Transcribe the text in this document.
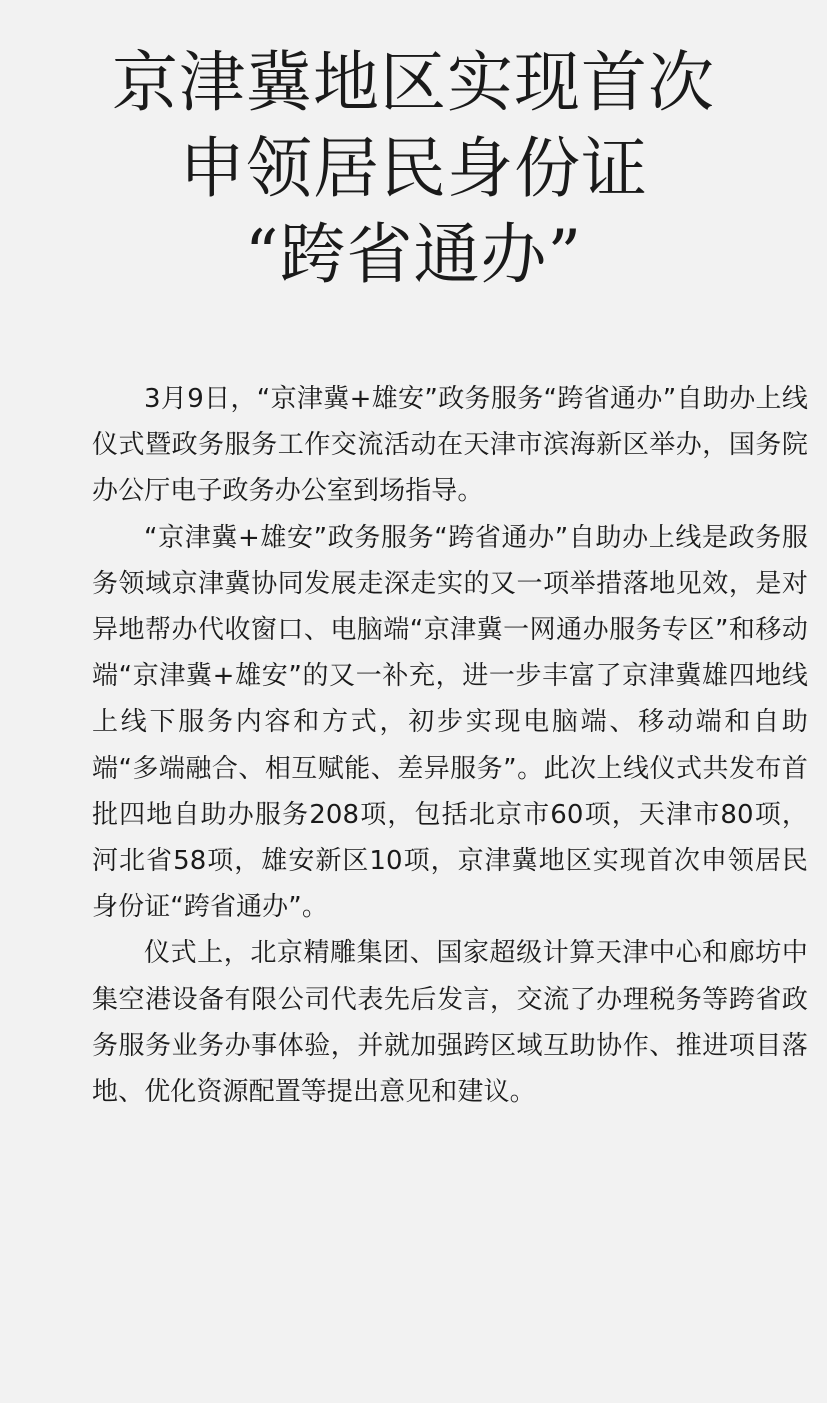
京津冀地区实现首次
申领居民身份证
“跨省通办”

3月9日，“京津冀+雄安”政务服务“跨省通办”自助办上线仪式暨政务服务工作交流活动在天津市滨海新区举办，国务院办公厅电子政务办公室到场指导。

“京津冀+雄安”政务服务“跨省通办”自助办上线是政务服务领域京津冀协同发展走深走实的又一项举措落地见效，是对异地帮办代收窗口、电脑端“京津冀一网通办服务专区”和移动端“京津冀+雄安”的又一补充，进一步丰富了京津冀雄四地线上线下服务内容和方式，初步实现电脑端、移动端和自助端“多端融合、相互赋能、差异服务”。此次上线仪式共发布首批四地自助办服务208项，包括北京市60项，天津市80项，河北省58项，雄安新区10项，京津冀地区实现首次申领居民身份证“跨省通办”。

仪式上，北京精雕集团、国家超级计算天津中心和廊坊中集空港设备有限公司代表先后发言，交流了办理税务等跨省政务服务业务办事体验，并就加强跨区域互助协作、推进项目落地、优化资源配置等提出意见和建议。
